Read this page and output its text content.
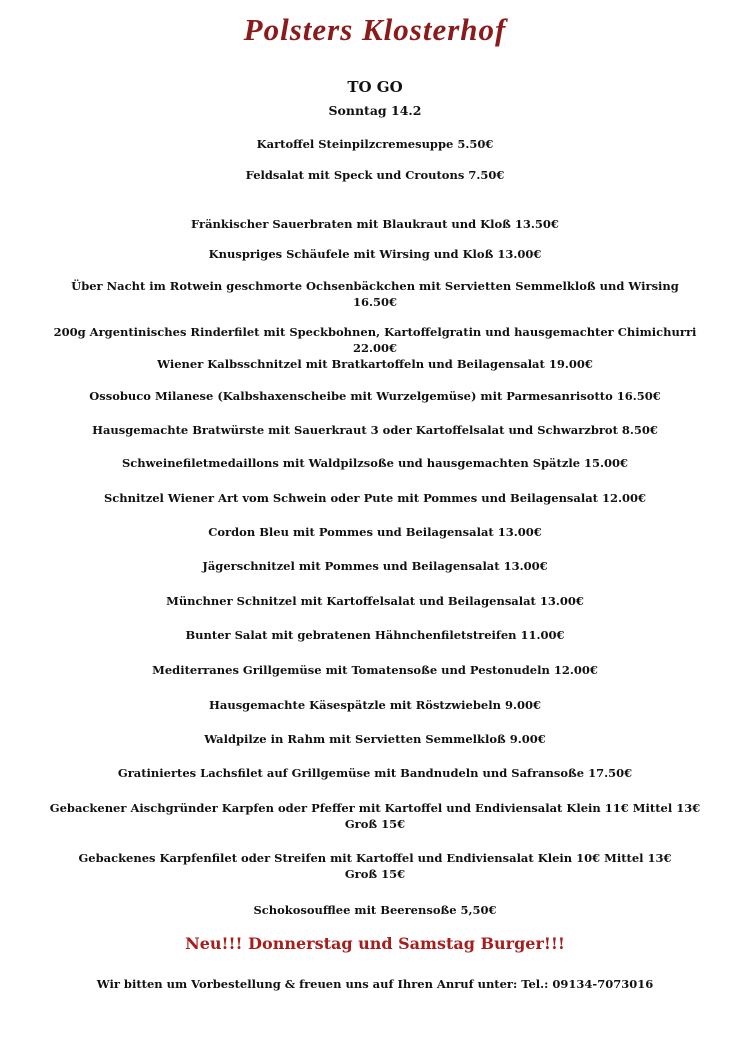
Polsters Klosterhof
TO GO
Sonntag 14.2
Kartoffel Steinpilzcremesuppe 5.50€
Feldsalat mit Speck und Croutons 7.50€
Fränkischer Sauerbraten mit Blaukraut und Kloß 13.50€
Knuspriges Schäufele mit Wirsing und Kloß 13.00€
Über Nacht im Rotwein geschmorte Ochsenbäckchen mit Servietten Semmelkloß und Wirsing
16.50€
200g Argentinisches Rinderfilet mit Speckbohnen, Kartoffelgratin und hausgemachter Chimichurri
22.00€
Wiener Kalbsschnitzel mit Bratkartoffeln und Beilagensalat 19.00€
Ossobuco Milanese (Kalbshaxenscheibe mit Wurzelgemüse) mit Parmesanrisotto 16.50€
Hausgemachte Bratwürste mit Sauerkraut 3 oder Kartoffelsalat und Schwarzbrot 8.50€
Schweinefiletmedaillons mit Waldpilzsoße und hausgemachten Spätzle 15.00€
Schnitzel Wiener Art vom Schwein oder Pute mit Pommes und Beilagensalat 12.00€
Cordon Bleu mit Pommes und Beilagensalat 13.00€
Jägerschnitzel mit Pommes und Beilagensalat 13.00€
Münchner Schnitzel mit Kartoffelsalat und Beilagensalat 13.00€
Bunter Salat mit gebratenen Hähnchenfiletstreifen 11.00€
Mediterranes Grillgemüse mit Tomatensoße und Pestonudeln 12.00€
Hausgemachte Käsespätzle mit Röstzwiebeln 9.00€
Waldpilze in Rahm mit Servietten Semmelkloß 9.00€
Gratiniertes Lachsfilet auf Grillgemüse mit Bandnudeln und Safransoße 17.50€
Gebackener Aischgründer Karpfen oder Pfeffer mit Kartoffel und Endiviensalat Klein 11€ Mittel 13€
Groß 15€
Gebackenes Karpfenfilet oder Streifen mit Kartoffel und Endiviensalat Klein 10€ Mittel 13€
Groß 15€
Schokosoufflee mit Beerensoße 5,50€
Neu!!! Donnerstag und Samstag Burger!!!
Wir bitten um Vorbestellung & freuen uns auf Ihren Anruf unter: Tel.: 09134-7073016
